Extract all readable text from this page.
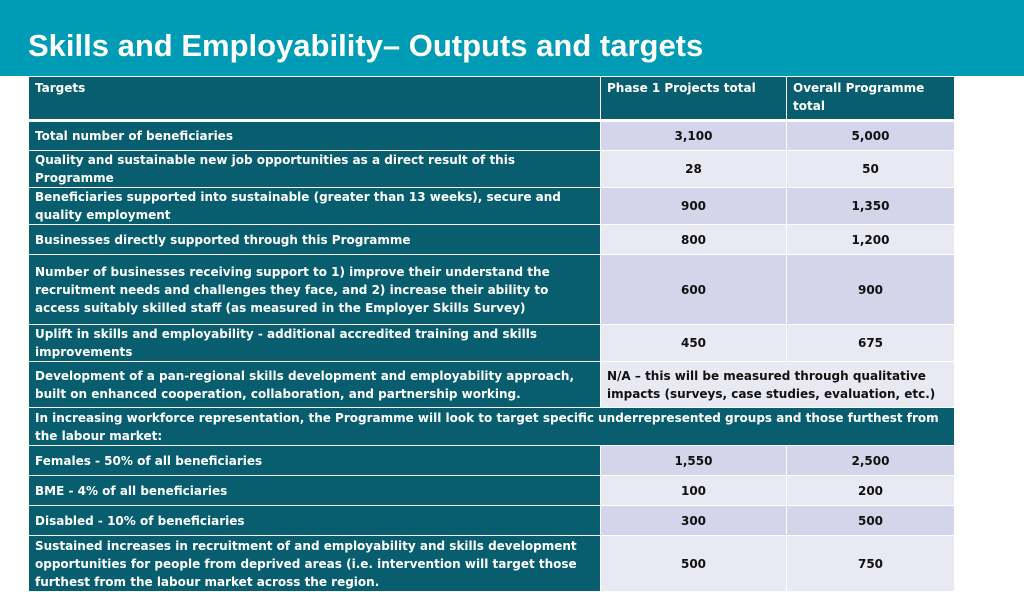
Skills and Employability– Outputs and targets
Targets	Phase 1 Projects total	Overall Programme total
Total number of beneficiaries	3,100	5,000
Quality and sustainable new job opportunities as a direct result of this Programme	28	50
Beneficiaries supported into sustainable (greater than 13 weeks), secure and quality employment	900	1,350
Businesses directly supported through this Programme	800	1,200
Number of businesses receiving support to 1) improve their understand the recruitment needs and challenges they face, and 2) increase their ability to access suitably skilled staff (as measured in the Employer Skills Survey)	600	900
Uplift in skills and employability - additional accredited training and skills improvements	450	675
Development of a pan-regional skills development and employability approach, built on enhanced cooperation, collaboration, and partnership working.	N/A – this will be measured through qualitative impacts (surveys, case studies, evaluation, etc.)	
In increasing workforce representation, the Programme will look to target specific underrepresented groups and those furthest from the labour market:		
Females - 50% of all beneficiaries	1,550	2,500
BME - 4% of all beneficiaries	100	200
Disabled - 10% of beneficiaries	300	500
Sustained increases in recruitment of and employability and skills development opportunities for people from deprived areas (i.e. intervention will target those furthest from the labour market across the region.	500	750
